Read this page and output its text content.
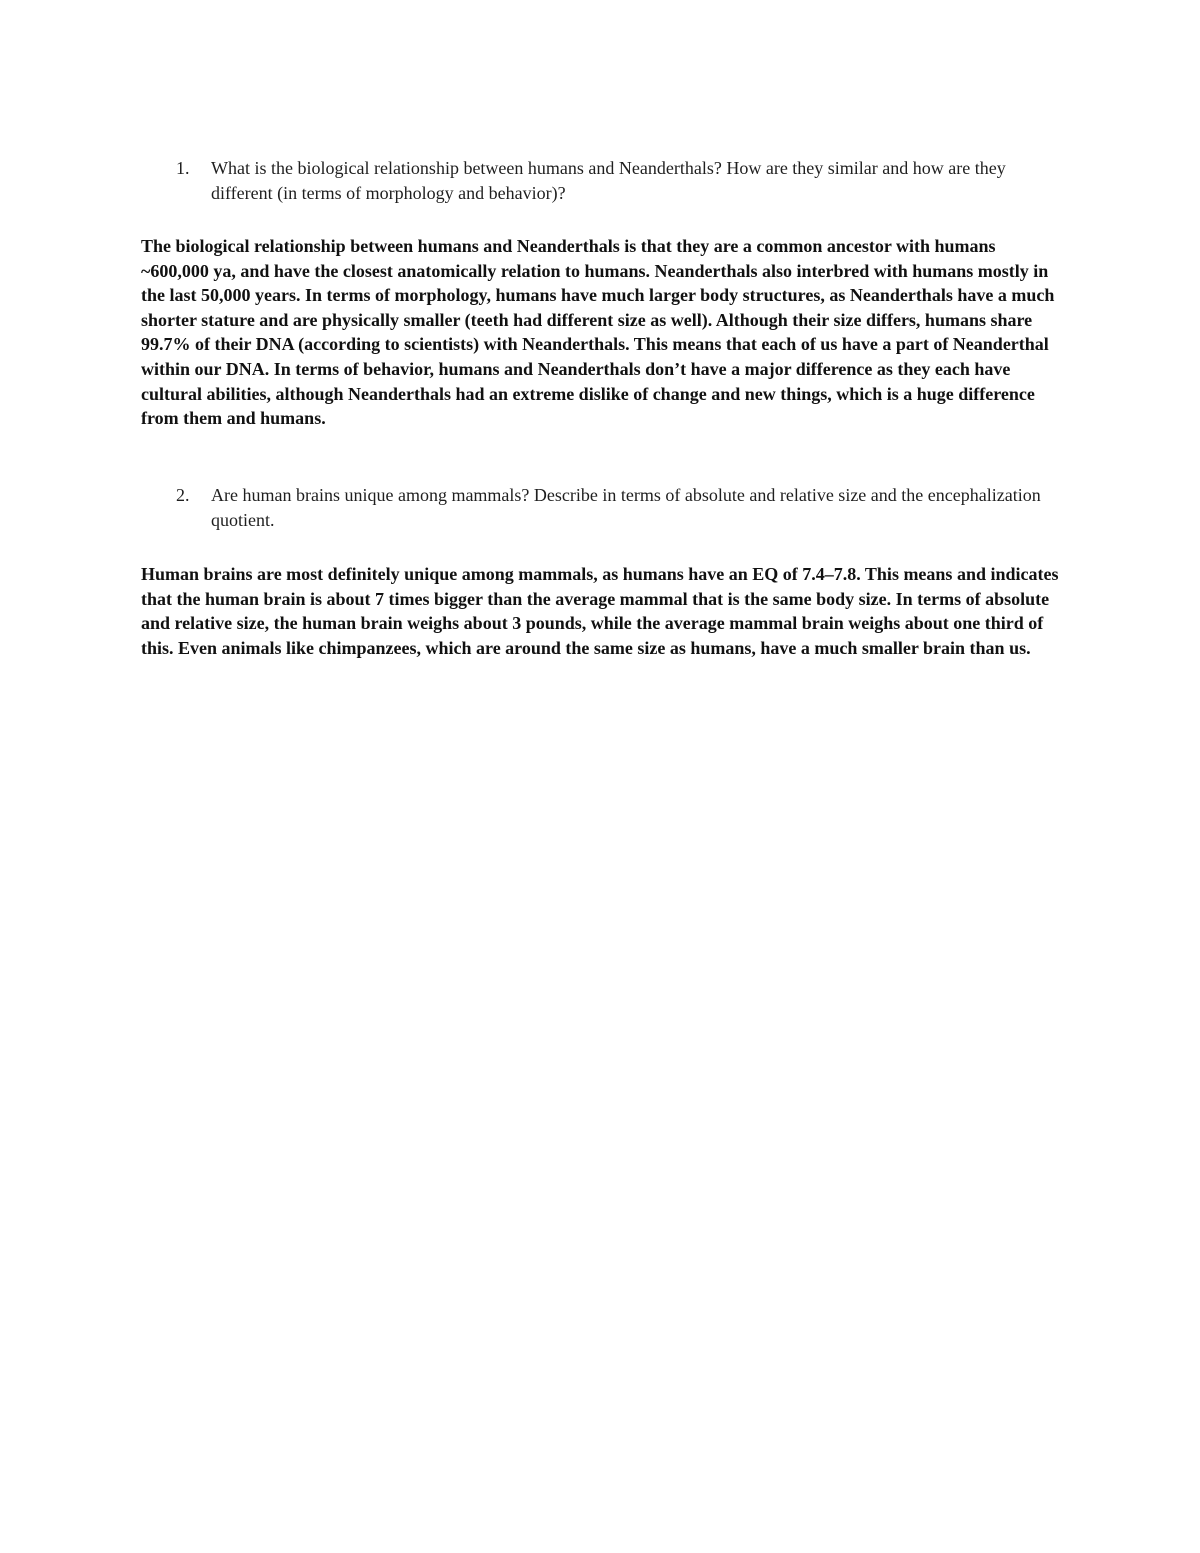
1. What is the biological relationship between humans and Neanderthals? How are they similar and how are they different (in terms of morphology and behavior)?

The biological relationship between humans and Neanderthals is that they are a common ancestor with humans ~600,000 ya, and have the closest anatomically relation to humans. Neanderthals also interbred with humans mostly in the last 50,000 years. In terms of morphology, humans have much larger body structures, as Neanderthals have a much shorter stature and are physically smaller (teeth had different size as well). Although their size differs, humans share 99.7% of their DNA (according to scientists) with Neanderthals. This means that each of us have a part of Neanderthal within our DNA. In terms of behavior, humans and Neanderthals don’t have a major difference as they each have cultural abilities, although Neanderthals had an extreme dislike of change and new things, which is a huge difference from them and humans.

2. Are human brains unique among mammals? Describe in terms of absolute and relative size and the encephalization quotient.

Human brains are most definitely unique among mammals, as humans have an EQ of 7.4–7.8. This means and indicates that the human brain is about 7 times bigger than the average mammal that is the same body size. In terms of absolute and relative size, the human brain weighs about 3 pounds, while the average mammal brain weighs about one third of this. Even animals like chimpanzees, which are around the same size as humans, have a much smaller brain than us.
